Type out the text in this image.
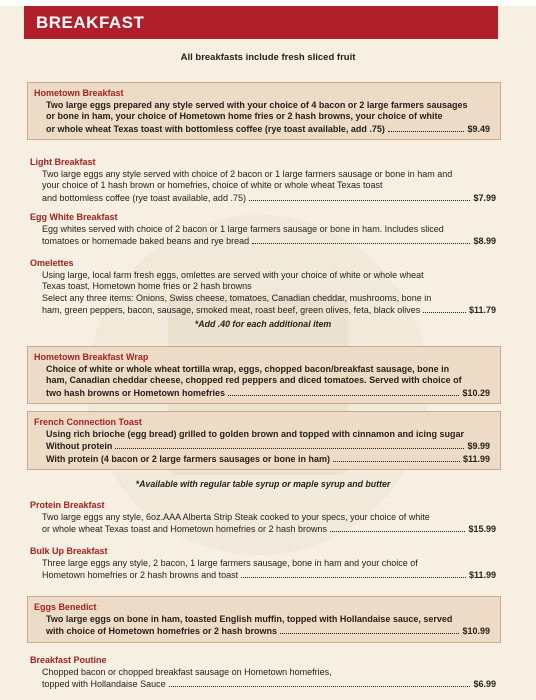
BREAKFAST
All breakfasts include fresh sliced fruit
Hometown Breakfast
Two large eggs prepared any style served with your choice of 4 bacon or 2 large farmers sausages
or bone in ham, your choice of Hometown home fries or 2 hash browns, your choice of white
or whole wheat Texas toast with bottomless coffee (rye toast available, add .75)	$9.49
Light Breakfast
Two large eggs any style served with choice of 2 bacon or 1 large farmers sausage or bone in ham and
your choice of 1 hash brown or homefries, choice of white or whole wheat Texas toast
and bottomless coffee (rye toast available, add .75)	$7.99
Egg White Breakfast
Egg whites served with choice of 2 bacon or 1 large farmers sausage or bone in ham. Includes sliced
tomatoes or homemade baked beans and rye bread	$8.99
Omelettes
Using large, local farm fresh eggs, omlettes are served with your choice of white or whole wheat
Texas toast, Hometown home fries or 2 hash browns
Select any three items: Onions, Swiss cheese, tomatoes, Canadian cheddar, mushrooms, bone in
ham, green peppers, bacon, sausage, smoked meat, roast beef, green olives, feta, black olives	$11.79
*Add .40 for each additional item
Hometown Breakfast Wrap
Choice of white or whole wheat tortilla wrap, eggs, chopped bacon/breakfast sausage, bone in
ham, Canadian cheddar cheese, chopped red peppers and diced tomatoes. Served with choice of
two hash browns or Hometown homefries	$10.29
French Connection Toast
Using rich brioche (egg bread) grilled to golden brown and topped with cinnamon and icing sugar
Without protein	$9.99
With protein (4 bacon or 2 large farmers sausages or bone in ham)	$11.99
*Available with regular table syrup or maple syrup and butter
Protein Breakfast
Two large eggs any style, 6oz.AAA Alberta Strip Steak cooked to your specs, your choice of white
or whole wheat Texas toast and Hometown homefries or 2 hash browns	$15.99
Bulk Up Breakfast
Three large eggs any style, 2 bacon, 1 large farmers sausage, bone in ham and your choice of
Hometown homefries or 2 hash browns and toast	$11.99
Eggs Benedict
Two large eggs on bone in ham, toasted English muffin, topped with Hollandaise sauce, served
with choice of Hometown homefries or 2 hash browns	$10.99
Breakfast Poutine
Chopped bacon or chopped breakfast sausage on Hometown homefries,
topped with Hollandaise Sauce	$6.99
